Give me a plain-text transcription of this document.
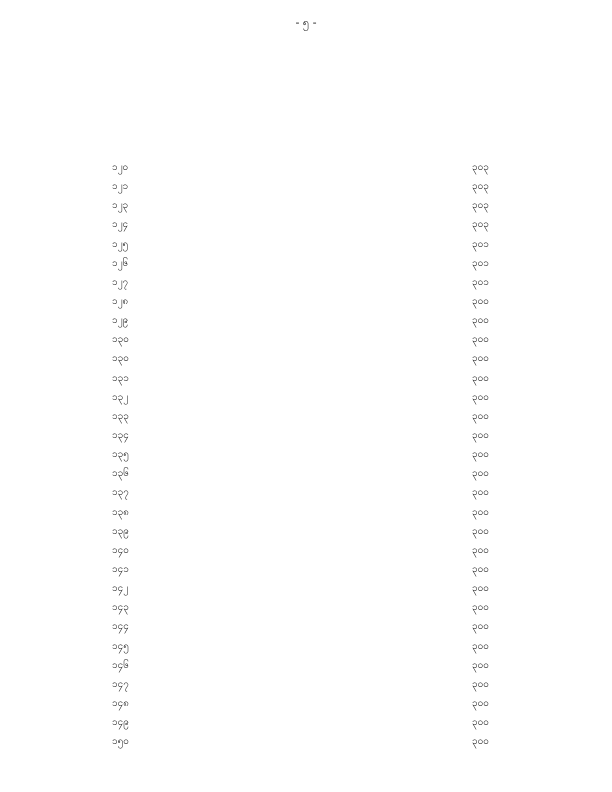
- ၅ -
၁၂၀	၃၀၃
၁၂၁	၃၀၃
၁၂၃	၃၀၃
၁၂၄	၃၀၃
၁၂၅	၃၀၁
၁၂၆	၃၀၁
၁၂၇	၃၀၁
၁၂၈	၃၀၀
၁၂၉	၃၀၀
၁၃၀	၃၀၀
၁၃၀	၃၀၀
၁၃၁	၃၀၀
၁၃၂	၃၀၀
၁၃၃	၃၀၀
၁၃၄	၃၀၀
၁၃၅	၃၀၀
၁၃၆	၃၀၀
၁၃၇	၃၀၀
၁၃၈	၃၀၀
၁၃၉	၃၀၀
၁၄၀	၃၀၀
၁၄၁	၃၀၀
၁၄၂	၃၀၀
၁၄၃	၃၀၀
၁၄၄	၃၀၀
၁၄၅	၃၀၀
၁၄၆	၃၀၀
၁၄၇	၃၀၀
၁၄၈	၃၀၀
၁၄၉	၃၀၀
၁၅၀	၃၀၀
